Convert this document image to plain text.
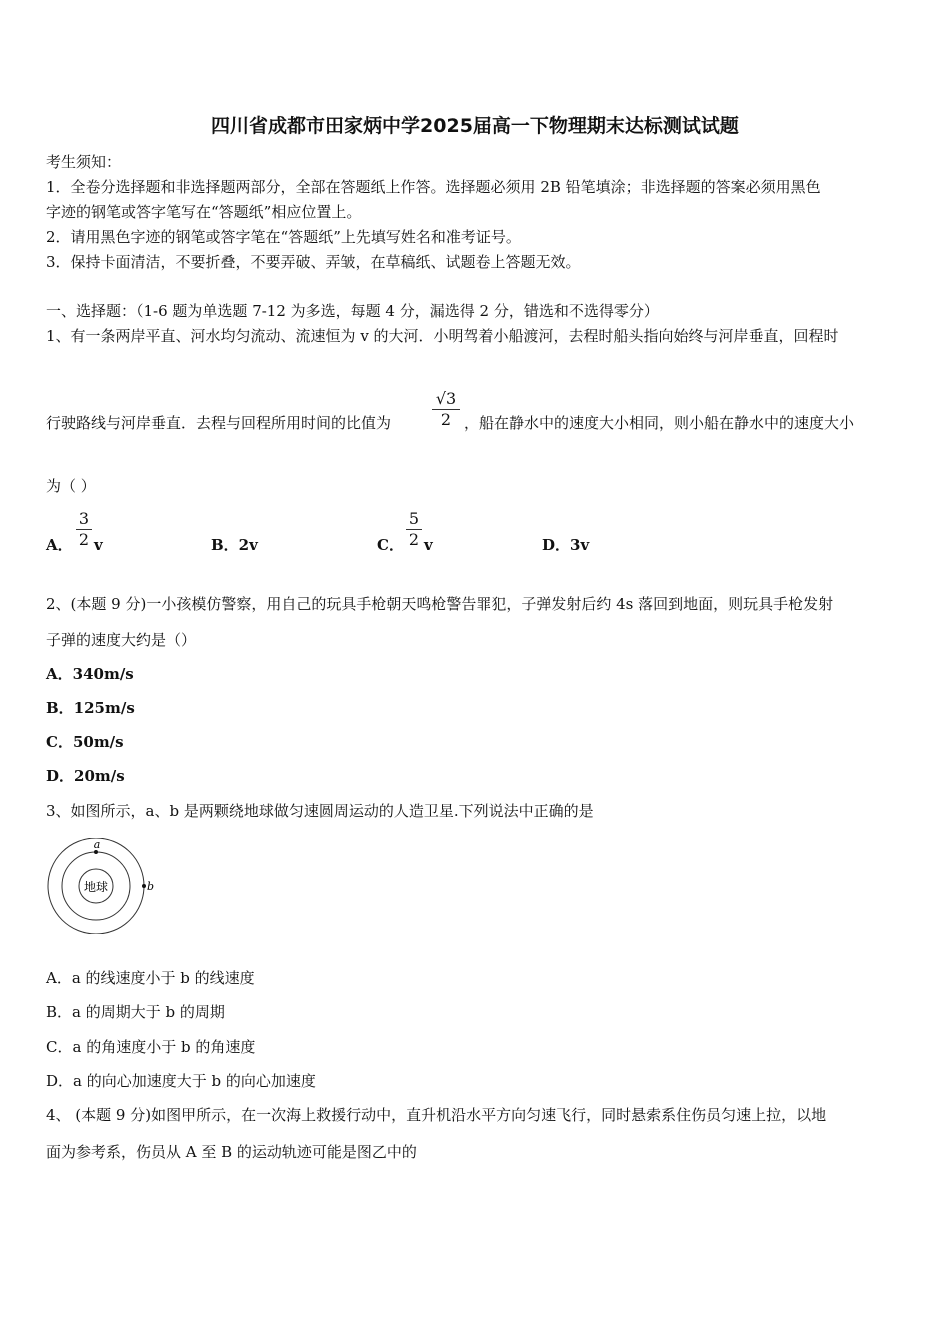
四川省成都市田家炳中学2025届高一下物理期末达标测试试题
考生须知：
1．全卷分选择题和非选择题两部分，全部在答题纸上作答。选择题必须用 2B 铅笔填涂；非选择题的答案必须用黑色
字迹的钢笔或答字笔写在“答题纸”相应位置上。
2．请用黑色字迹的钢笔或答字笔在“答题纸”上先填写姓名和准考证号。
3．保持卡面清洁，不要折叠，不要弄破、弄皱，在草稿纸、试题卷上答题无效。
一、选择题：（1-6 题为单选题 7-12 为多选，每题 4 分，漏选得 2 分，错选和不选得零分）
1、有一条两岸平直、河水均匀流动、流速恒为 v 的大河．小明驾着小船渡河，去程时船头指向始终与河岸垂直，回程时
行驶路线与河岸垂直．去程与回程所用时间的比值为
√3
2 ，船在静水中的速度大小相同，则小船在静水中的速度大小
为（ ）
A．
3
2 v	B．2v	C．
5
2 v	D．3v
2、(本题 9 分)一小孩模仿警察，用自己的玩具手枪朝天鸣枪警告罪犯，子弹发射后约 4s 落回到地面，则玩具手枪发射
子弹的速度大约是（）
A．340m/s
B．125m/s
C．50m/s
D．20m/s
3、如图所示，a、b 是两颗绕地球做匀速圆周运动的人造卫星.下列说法中正确的是
地球
a
b
A．a 的线速度小于 b 的线速度
B．a 的周期大于 b 的周期
C．a 的角速度小于 b 的角速度
D．a 的向心加速度大于 b 的向心加速度
4、 (本题 9 分)如图甲所示，在一次海上救援行动中，直升机沿水平方向匀速飞行，同时悬索系住伤员匀速上拉，以地
面为参考系，伤员从 A 至 B 的运动轨迹可能是图乙中的
